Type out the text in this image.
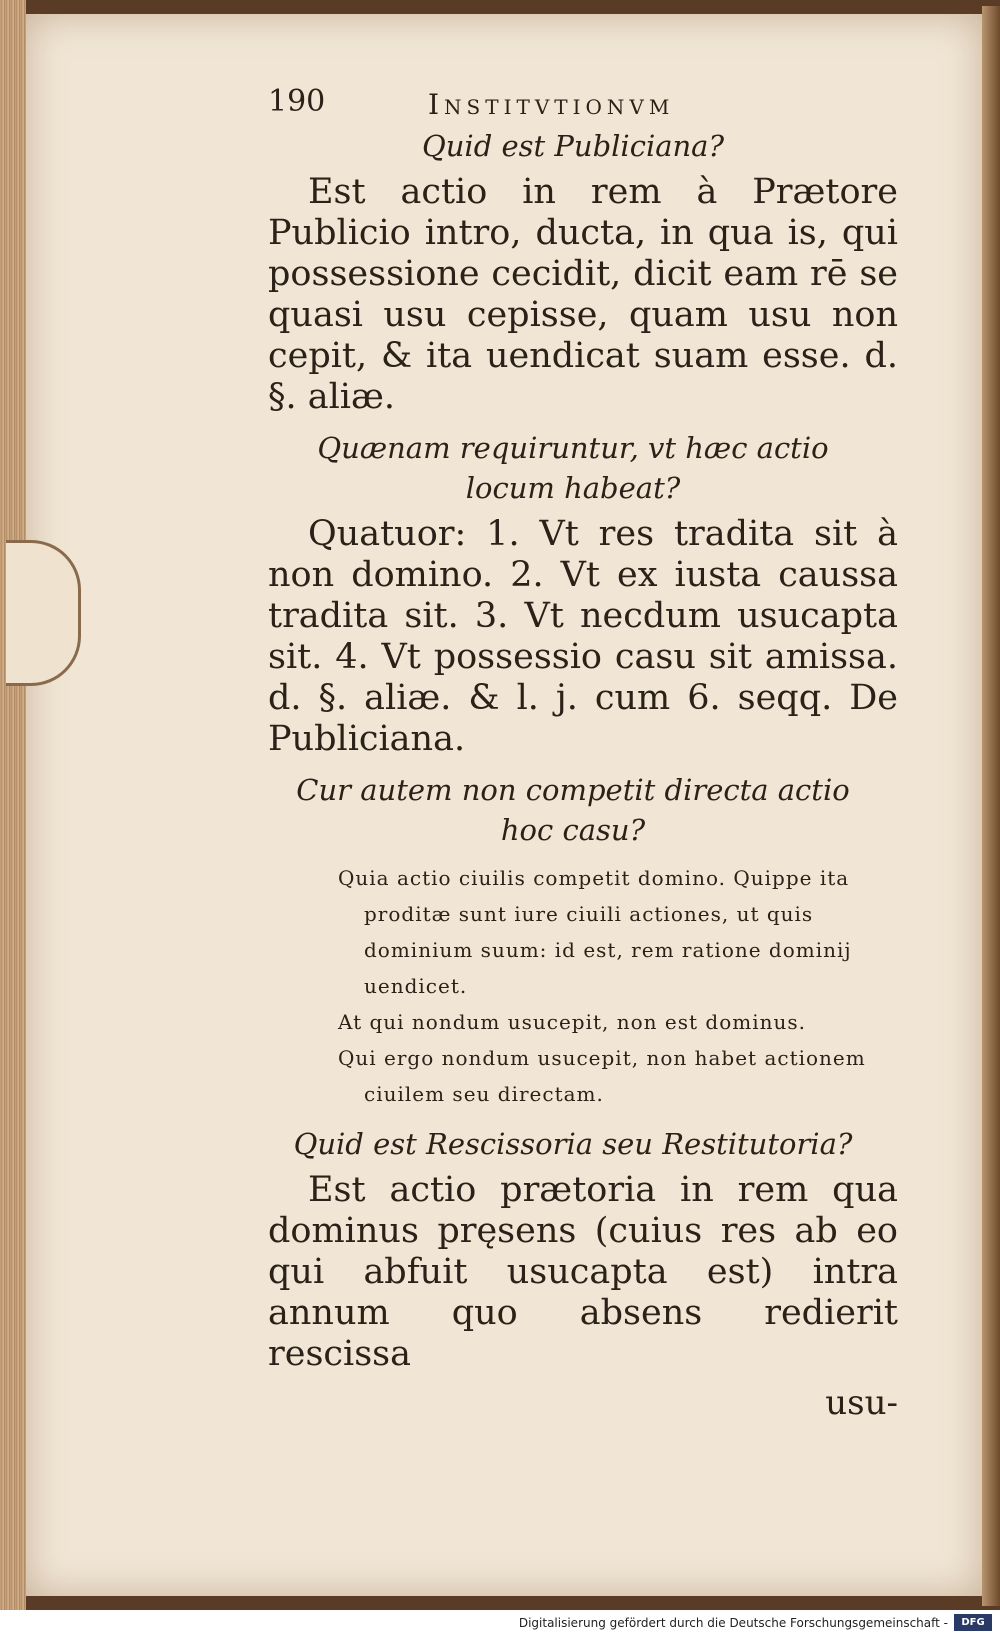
190	Institvtionvm

Quid est Publiciana?

Est actio in rem à Prætore Publicio intro, ducta, in qua is, qui possessione cecidit, dicit eam rē se quasi usu cepisse, quam usu non cepit, & ita uendicat suam esse. d. §. aliæ.

Quænam requiruntur, vt hæc actio locum habeat?

Quatuor: 1. Vt res tradita sit à non domino. 2. Vt ex iusta caussa tradita sit. 3. Vt necdum usucapta sit. 4. Vt possessio casu sit amissa. d. §. aliæ. & l. j. cum 6. seqq. De Publiciana.

Cur autem non competit directa actio hoc casu?

Quia actio ciuilis competit domino. Quippe ita proditæ sunt iure ciuili actiones, ut quis dominium suum: id est, rem ratione dominij uendicet.

At qui nondum usucepit, non est dominus.

Qui ergo nondum usucepit, non habet actionem ciuilem seu directam.

Quid est Rescissoria seu Restitutoria?

Est actio prætoria in rem qua dominus pręsens (cuius res ab eo qui abfuit usucapta est) intra annum quo absens redierit rescissa

usu-
Digitalisierung gefördert durch die Deutsche Forschungsgemeinschaft -	DFG
